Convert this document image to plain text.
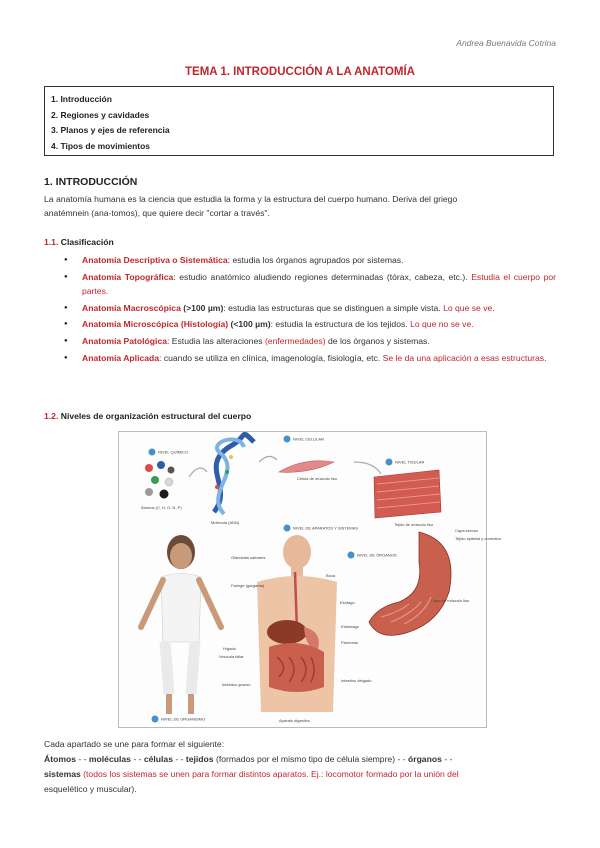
Andrea Buenavida Cotrina
TEMA 1. INTRODUCCIÓN A LA ANATOMÍA
1. Introducción
2. Regiones y cavidades
3. Planos y ejes de referencia
4. Tipos de movimientos
1. INTRODUCCIÓN
La anatomía humana es la ciencia que estudia la forma y la estructura del cuerpo humano. Deriva del griego
anatémnein (ana-tomos), que quiere decir "cortar a través".
1.1. Clasificación
● Anatomía Descriptiva o Sistemática: estudia los órganos agrupados por sistemas.
● Anatomía Topográfica: estudio anatómico aludiendo regiones determinadas (tórax, cabeza, etc.). Estudia el cuerpo por partes.
● Anatomía Macroscópica (>100 µm): estudia las estructuras que se distinguen a simple vista. Lo que se ve.
● Anatomía Microscópica (Histología) (<100 µm): estudia la estructura de los tejidos. Lo que no se ve.
● Anatomía Patológica: Estudia las alteraciones (enfermedades) de los órganos y sistemas.
● Anatomía Aplicada: cuando se utiliza en clínica, imagenología, fisiología, etc. Se le da una aplicación a esas estructuras.
1.2. Niveles de organización estructural del cuerpo
NIVEL QUÍMICO
Átomos (C, H, O, N, P)
Molécula (ADN)
NIVEL CELULAR
Célula de músculo liso
NIVEL TISULAR
Tejido de músculo liso
NIVEL DE APARATOS Y SISTEMAS
Glándulas salivales
Faringe (garganta)
Boca
Esófago
Estómago
Hígado
Vesícula biliar
Páncreas
Intestino delgado
Intestino grueso
Aparato digestivo
NIVEL DE ÓRGANOS
Capa serosa
Tejido epitelial y conectivo
Capa de músculo liso
NIVEL DE ORGANISMO
Cada apartado se une para formar el siguiente:
Átomos - - moléculas - - células - - tejidos (formados por el mismo tipo de célula siempre) - - órganos - -
sistemas (todos los sistemas se unen para formar distintos aparatos. Ej.: locomotor formado por la unión del
esquelético y muscular).
